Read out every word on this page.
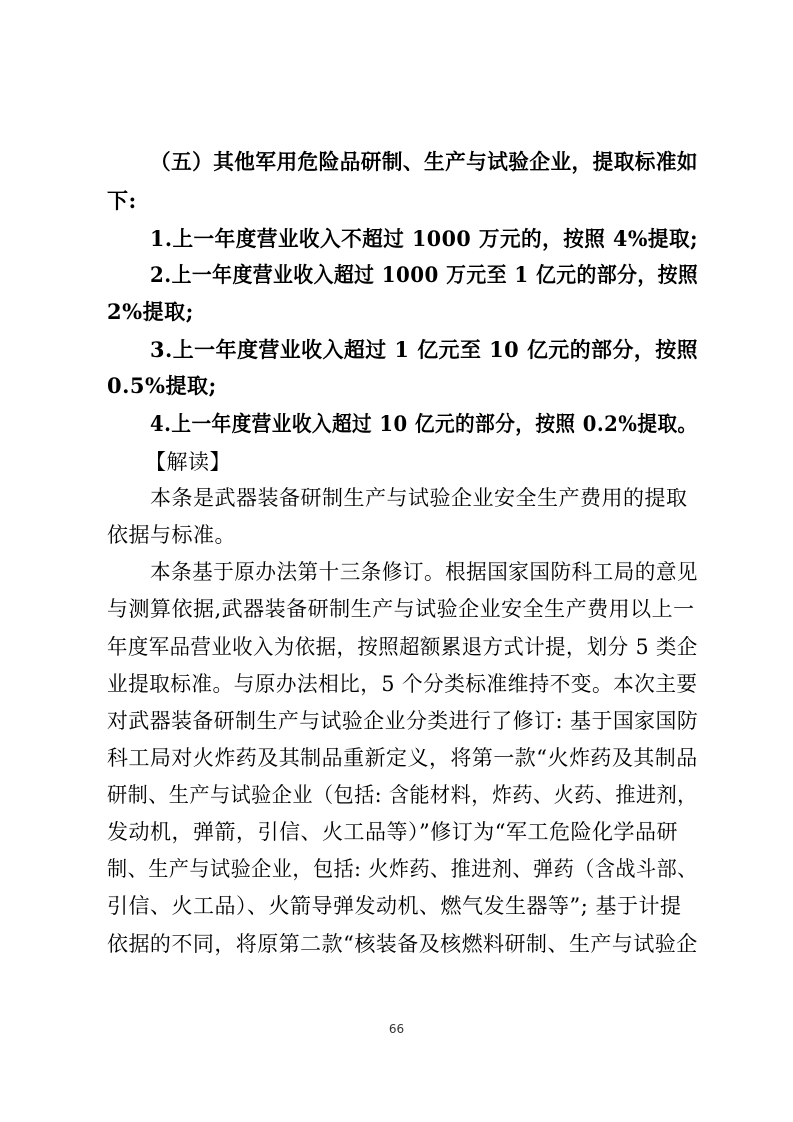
（五）其他军用危险品研制、生产与试验企业，提取标准如
下:
1.上一年度营业收入不超过 1000 万元的，按照 4%提取;
2.上一年度营业收入超过 1000 万元至 1 亿元的部分，按照
2%提取;
3.上一年度营业收入超过 1 亿元至 10 亿元的部分，按照
0.5%提取;
4.上一年度营业收入超过 10 亿元的部分，按照 0.2%提取。
【解读】
本条是武器装备研制生产与试验企业安全生产费用的提取
依据与标准。
本条基于原办法第十三条修订。根据国家国防科工局的意见
与测算依据,武器装备研制生产与试验企业安全生产费用以上一
年度军品营业收入为依据，按照超额累退方式计提，划分 5 类企
业提取标准。与原办法相比，5 个分类标准维持不变。本次主要
对武器装备研制生产与试验企业分类进行了修订: 基于国家国防
科工局对火炸药及其制品重新定义，将第一款“火炸药及其制品
研制、生产与试验企业（包括: 含能材料，炸药、火药、推进剂，
发动机，弹箭，引信、火工品等）”修订为“军工危险化学品研
制、生产与试验企业，包括: 火炸药、推进剂、弹药（含战斗部、
引信、火工品）、火箭导弹发动机、燃气发生器等”; 基于计提
依据的不同，将原第二款“核装备及核燃料研制、生产与试验企
66
